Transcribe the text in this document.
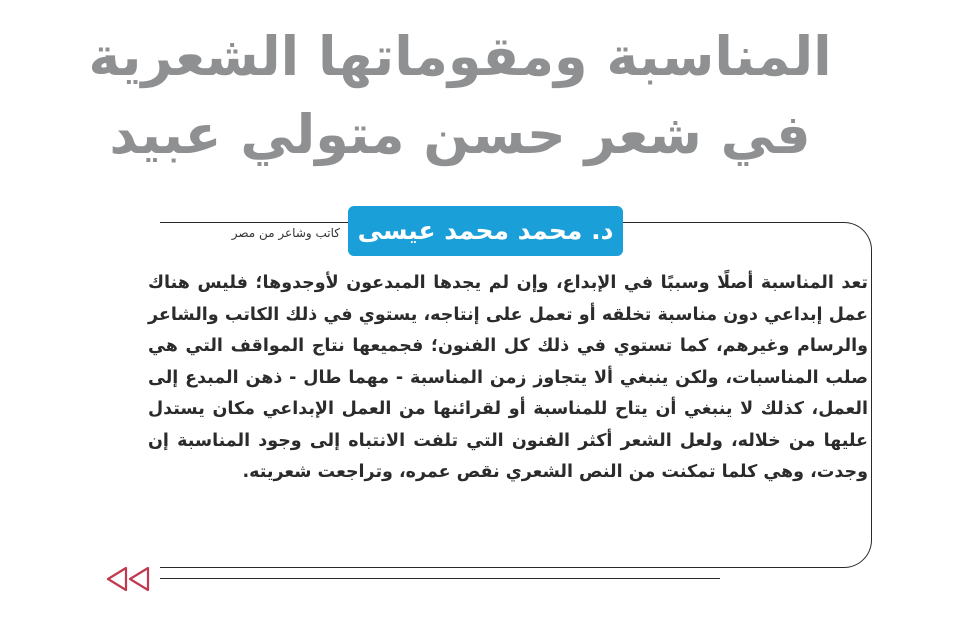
المناسبة ومقوماتها الشعرية
في شعر حسن متولي عبيد
د. محمد محمد عيسى
كاتب وشاعر من مصر
تعد المناسبة أصلًا وسببًا في الإبداع، وإن لم يجدها المبدعون لأوجدوها؛ فليس هناك عمل إبداعي دون مناسبة تخلقه أو تعمل على إنتاجه، يستوي في ذلك الكاتب والشاعر والرسام وغيرهم، كما تستوي في ذلك كل الفنون؛ فجميعها نتاج المواقف التي هي صلب المناسبات، ولكن ينبغي ألا يتجاوز زمن المناسبة - مهما طال - ذهن المبدع إلى العمل، كذلك لا ينبغي أن يتاح للمناسبة أو لقرائنها من العمل الإبداعي مكان يستدل عليها من خلاله، ولعل الشعر أكثر الفنون التي تلفت الانتباه إلى وجود المناسبة إن وجدت، وهي كلما تمكنت من النص الشعري نقص عمره، وتراجعت شعريته.
